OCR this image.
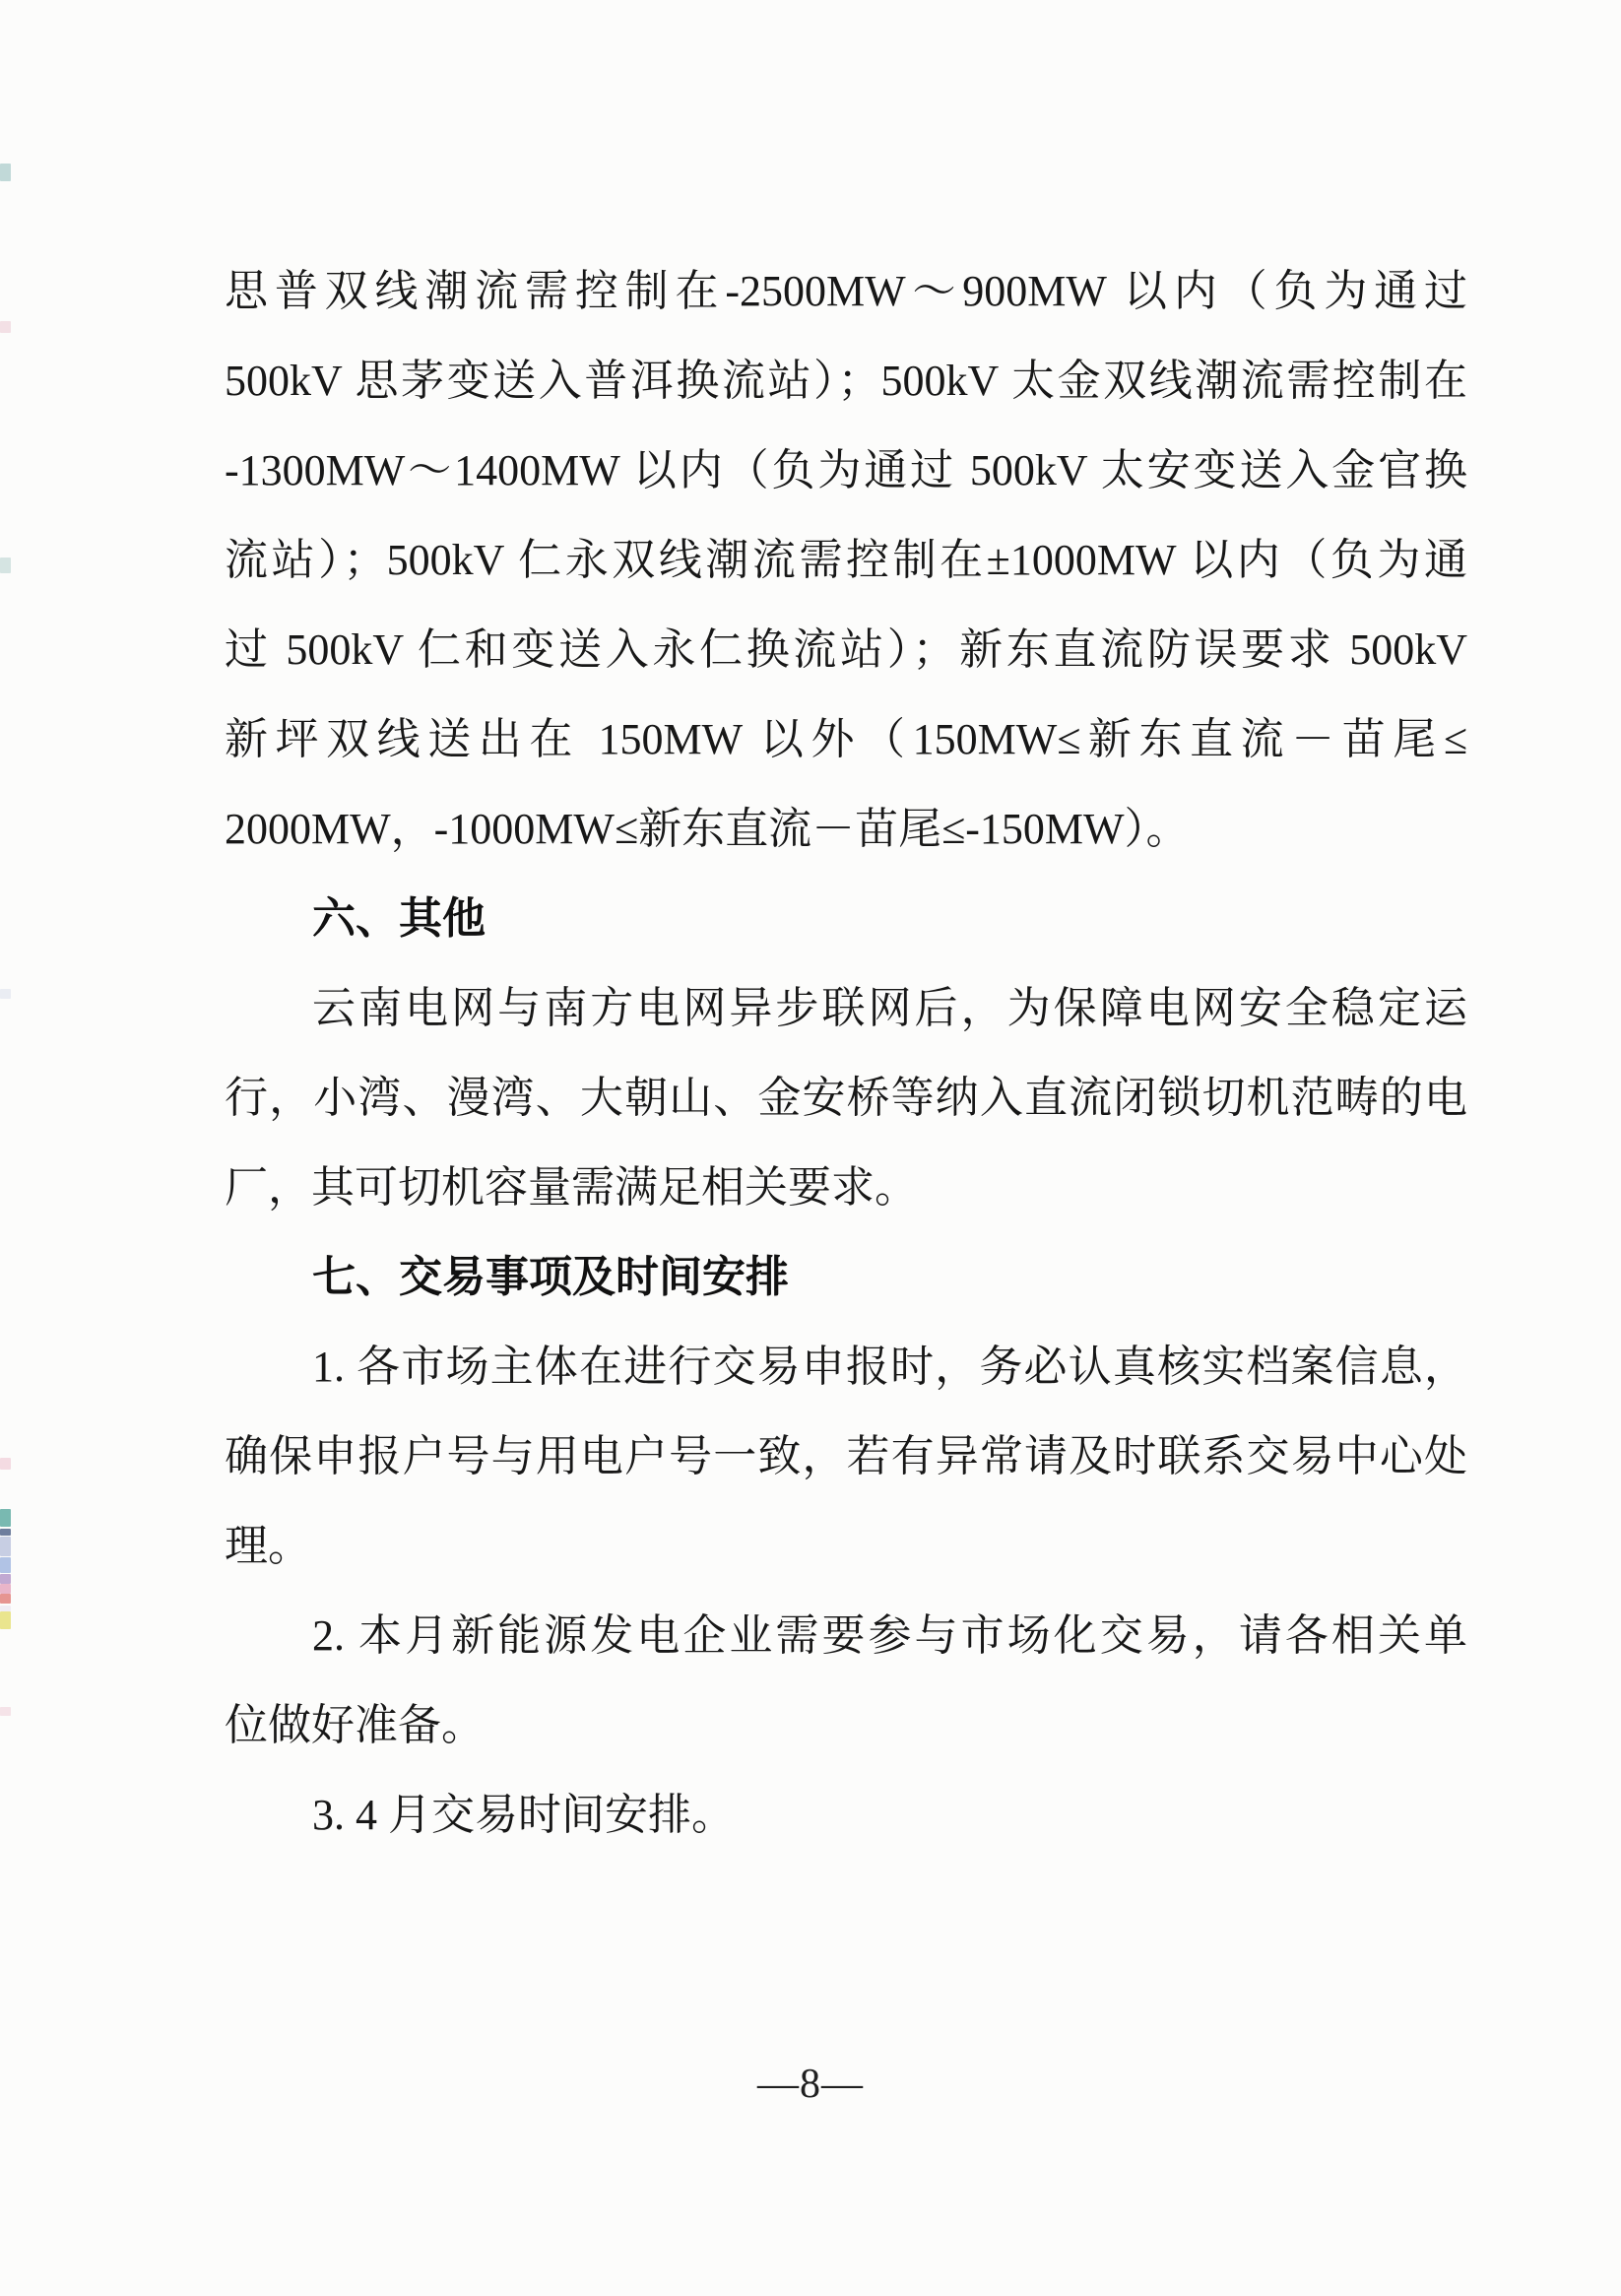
思普双线潮流需控制在-2500MW～900MW 以内（负为通过
500kV 思茅变送入普洱换流站）；500kV 太金双线潮流需控制在
-1300MW～1400MW 以内（负为通过 500kV 太安变送入金官换
流站）；500kV 仁永双线潮流需控制在±1000MW 以内（负为通
过 500kV 仁和变送入永仁换流站）；新东直流防误要求 500kV
新坪双线送出在 150MW 以外（150MW≤新东直流－苗尾≤
2000MW，-1000MW≤新东直流－苗尾≤-150MW）。
六、其他
云南电网与南方电网异步联网后，为保障电网安全稳定运
行，小湾、漫湾、大朝山、金安桥等纳入直流闭锁切机范畴的电
厂，其可切机容量需满足相关要求。
七、交易事项及时间安排
1. 各市场主体在进行交易申报时，务必认真核实档案信息，
确保申报户号与用电户号一致，若有异常请及时联系交易中心处
理。
2. 本月新能源发电企业需要参与市场化交易，请各相关单
位做好准备。
3. 4 月交易时间安排。
—8—
